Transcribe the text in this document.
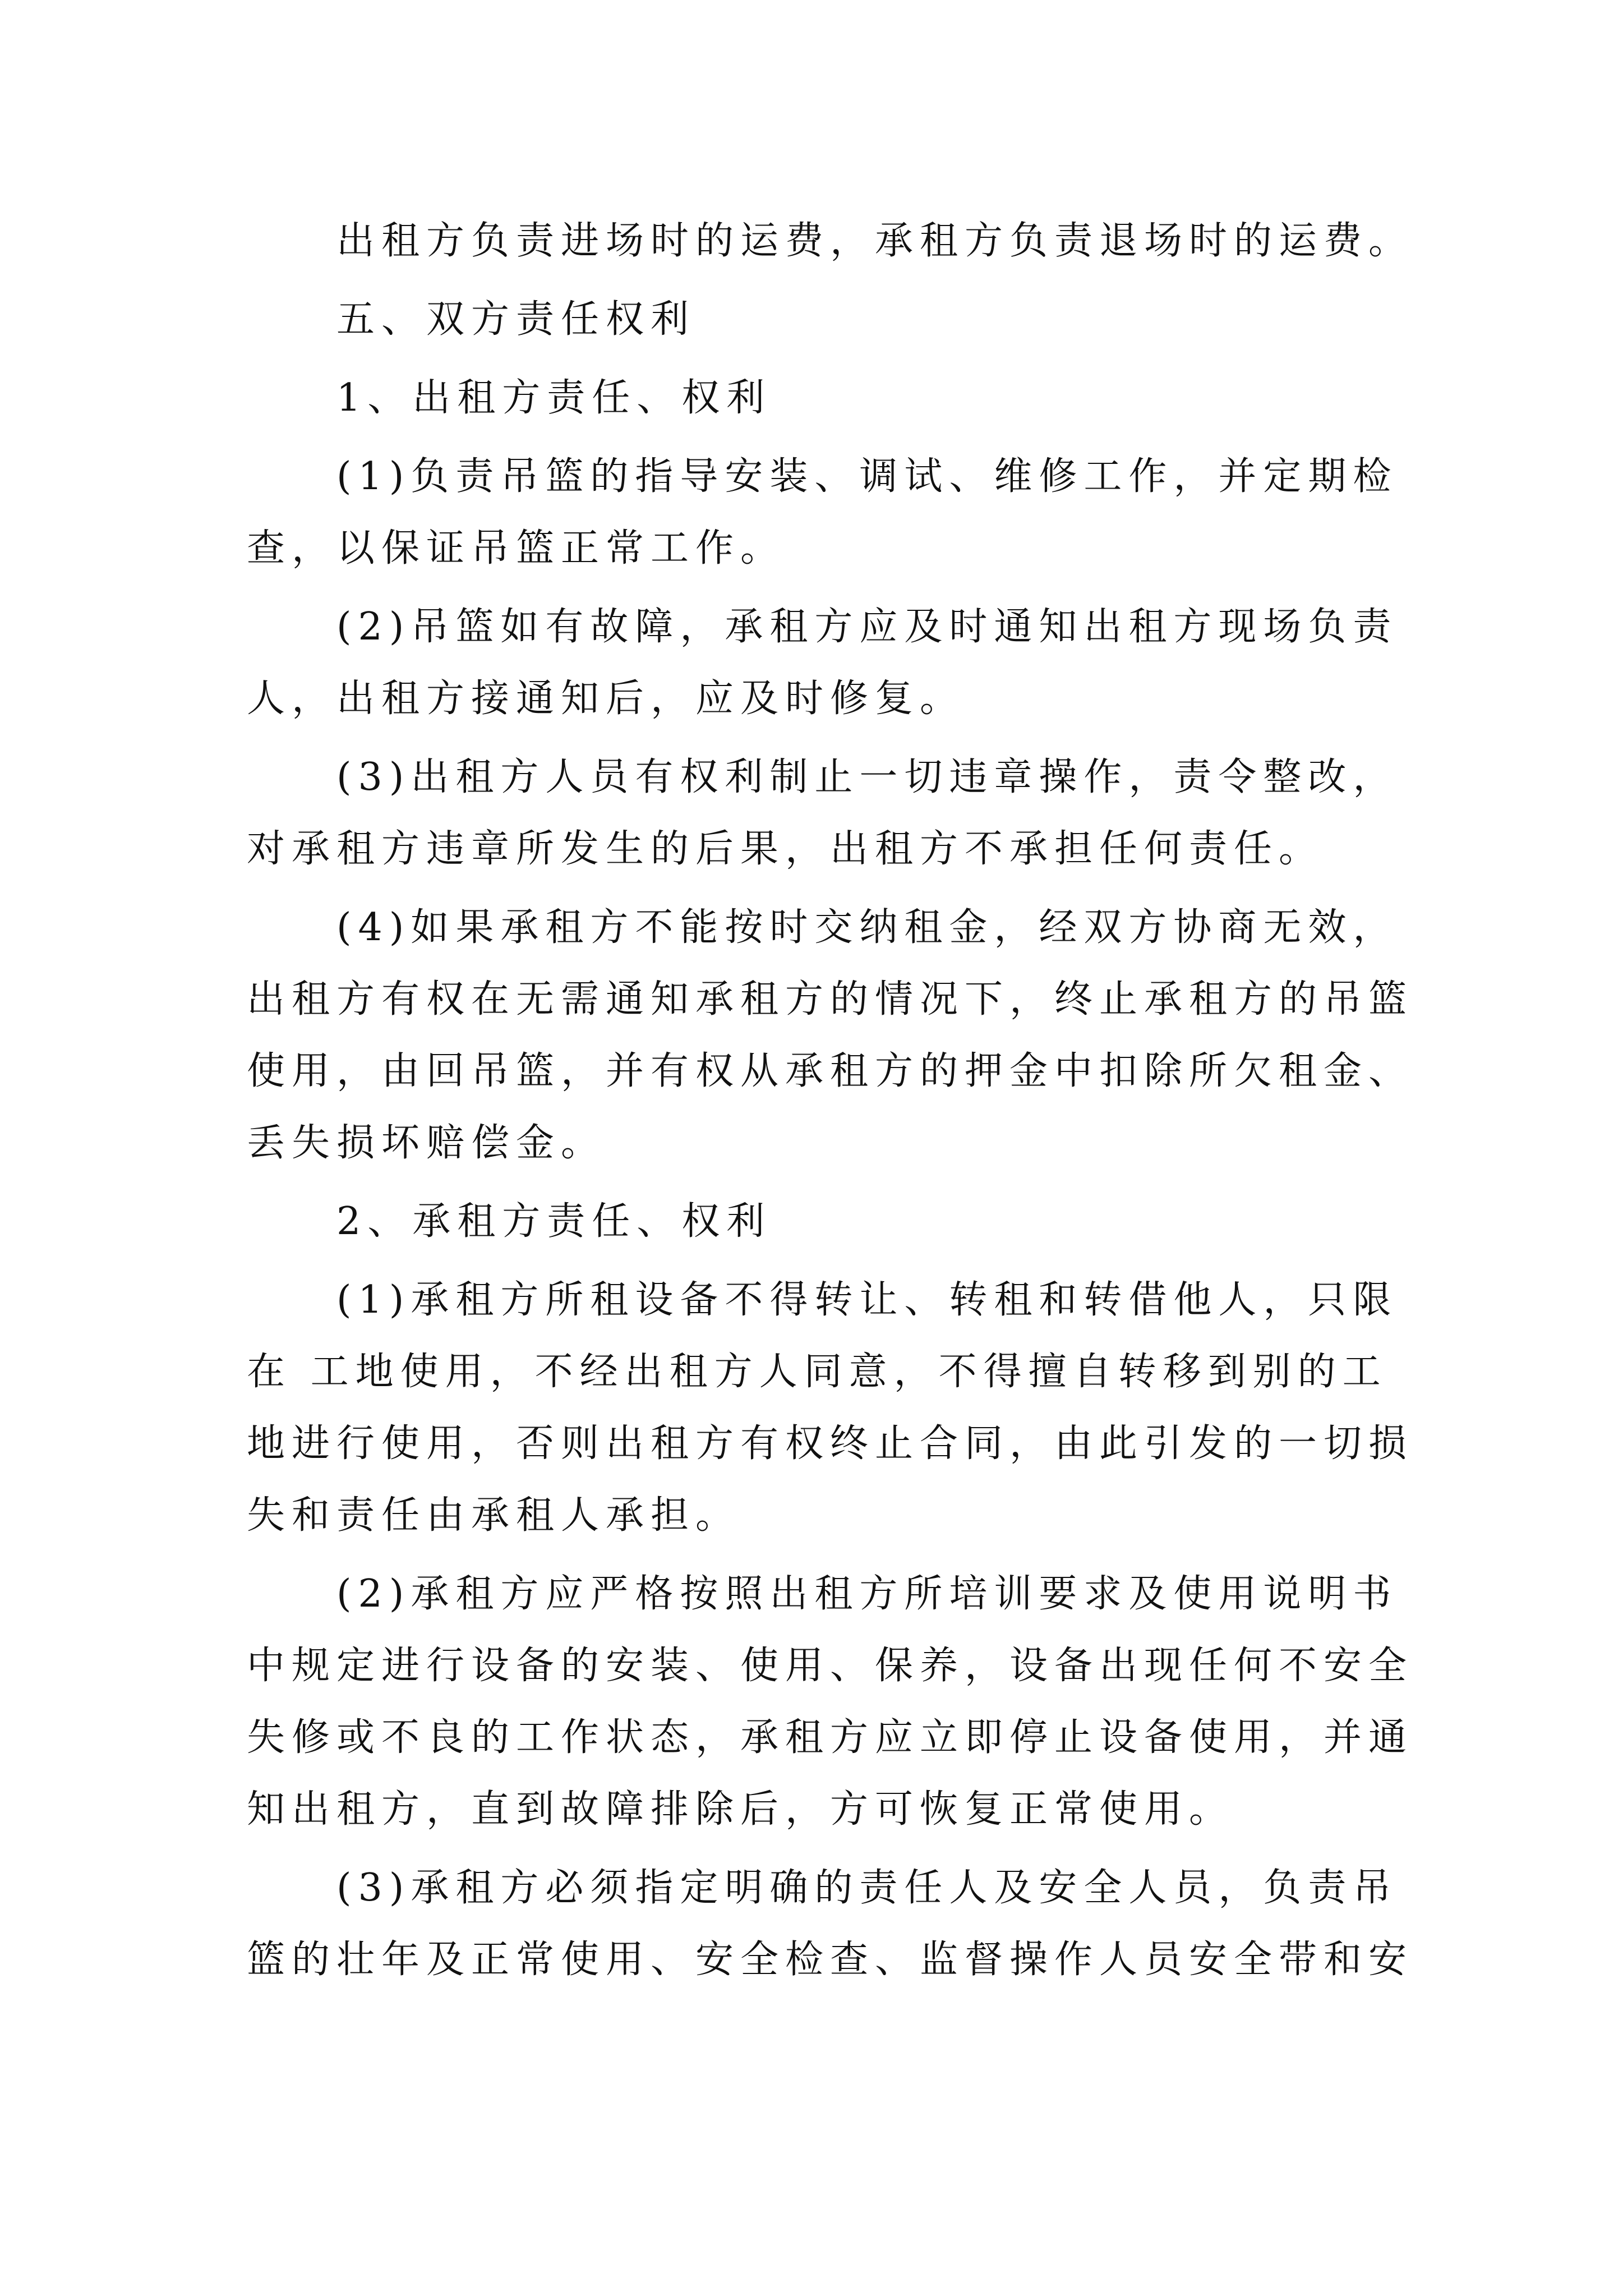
出租方负责进场时的运费，承租方负责退场时的运费。
五、双方责任权利
1、出租方责任、权利
(1)负责吊篮的指导安装、调试、维修工作，并定期检
查，以保证吊篮正常工作。
(2)吊篮如有故障，承租方应及时通知出租方现场负责
人，出租方接通知后，应及时修复。
(3)出租方人员有权利制止一切违章操作，责令整改，
对承租方违章所发生的后果，出租方不承担任何责任。
(4)如果承租方不能按时交纳租金，经双方协商无效，
出租方有权在无需通知承租方的情况下，终止承租方的吊篮
使用，由回吊篮，并有权从承租方的押金中扣除所欠租金、
丢失损坏赔偿金。
2、承租方责任、权利
(1)承租方所租设备不得转让、转租和转借他人，只限
在 工地使用，不经出租方人同意，不得擅自转移到别的工
地进行使用，否则出租方有权终止合同，由此引发的一切损
失和责任由承租人承担。
(2)承租方应严格按照出租方所培训要求及使用说明书
中规定进行设备的安装、使用、保养，设备出现任何不安全
失修或不良的工作状态，承租方应立即停止设备使用，并通
知出租方，直到故障排除后，方可恢复正常使用。
(3)承租方必须指定明确的责任人及安全人员，负责吊
篮的壮年及正常使用、安全检查、监督操作人员安全带和安
